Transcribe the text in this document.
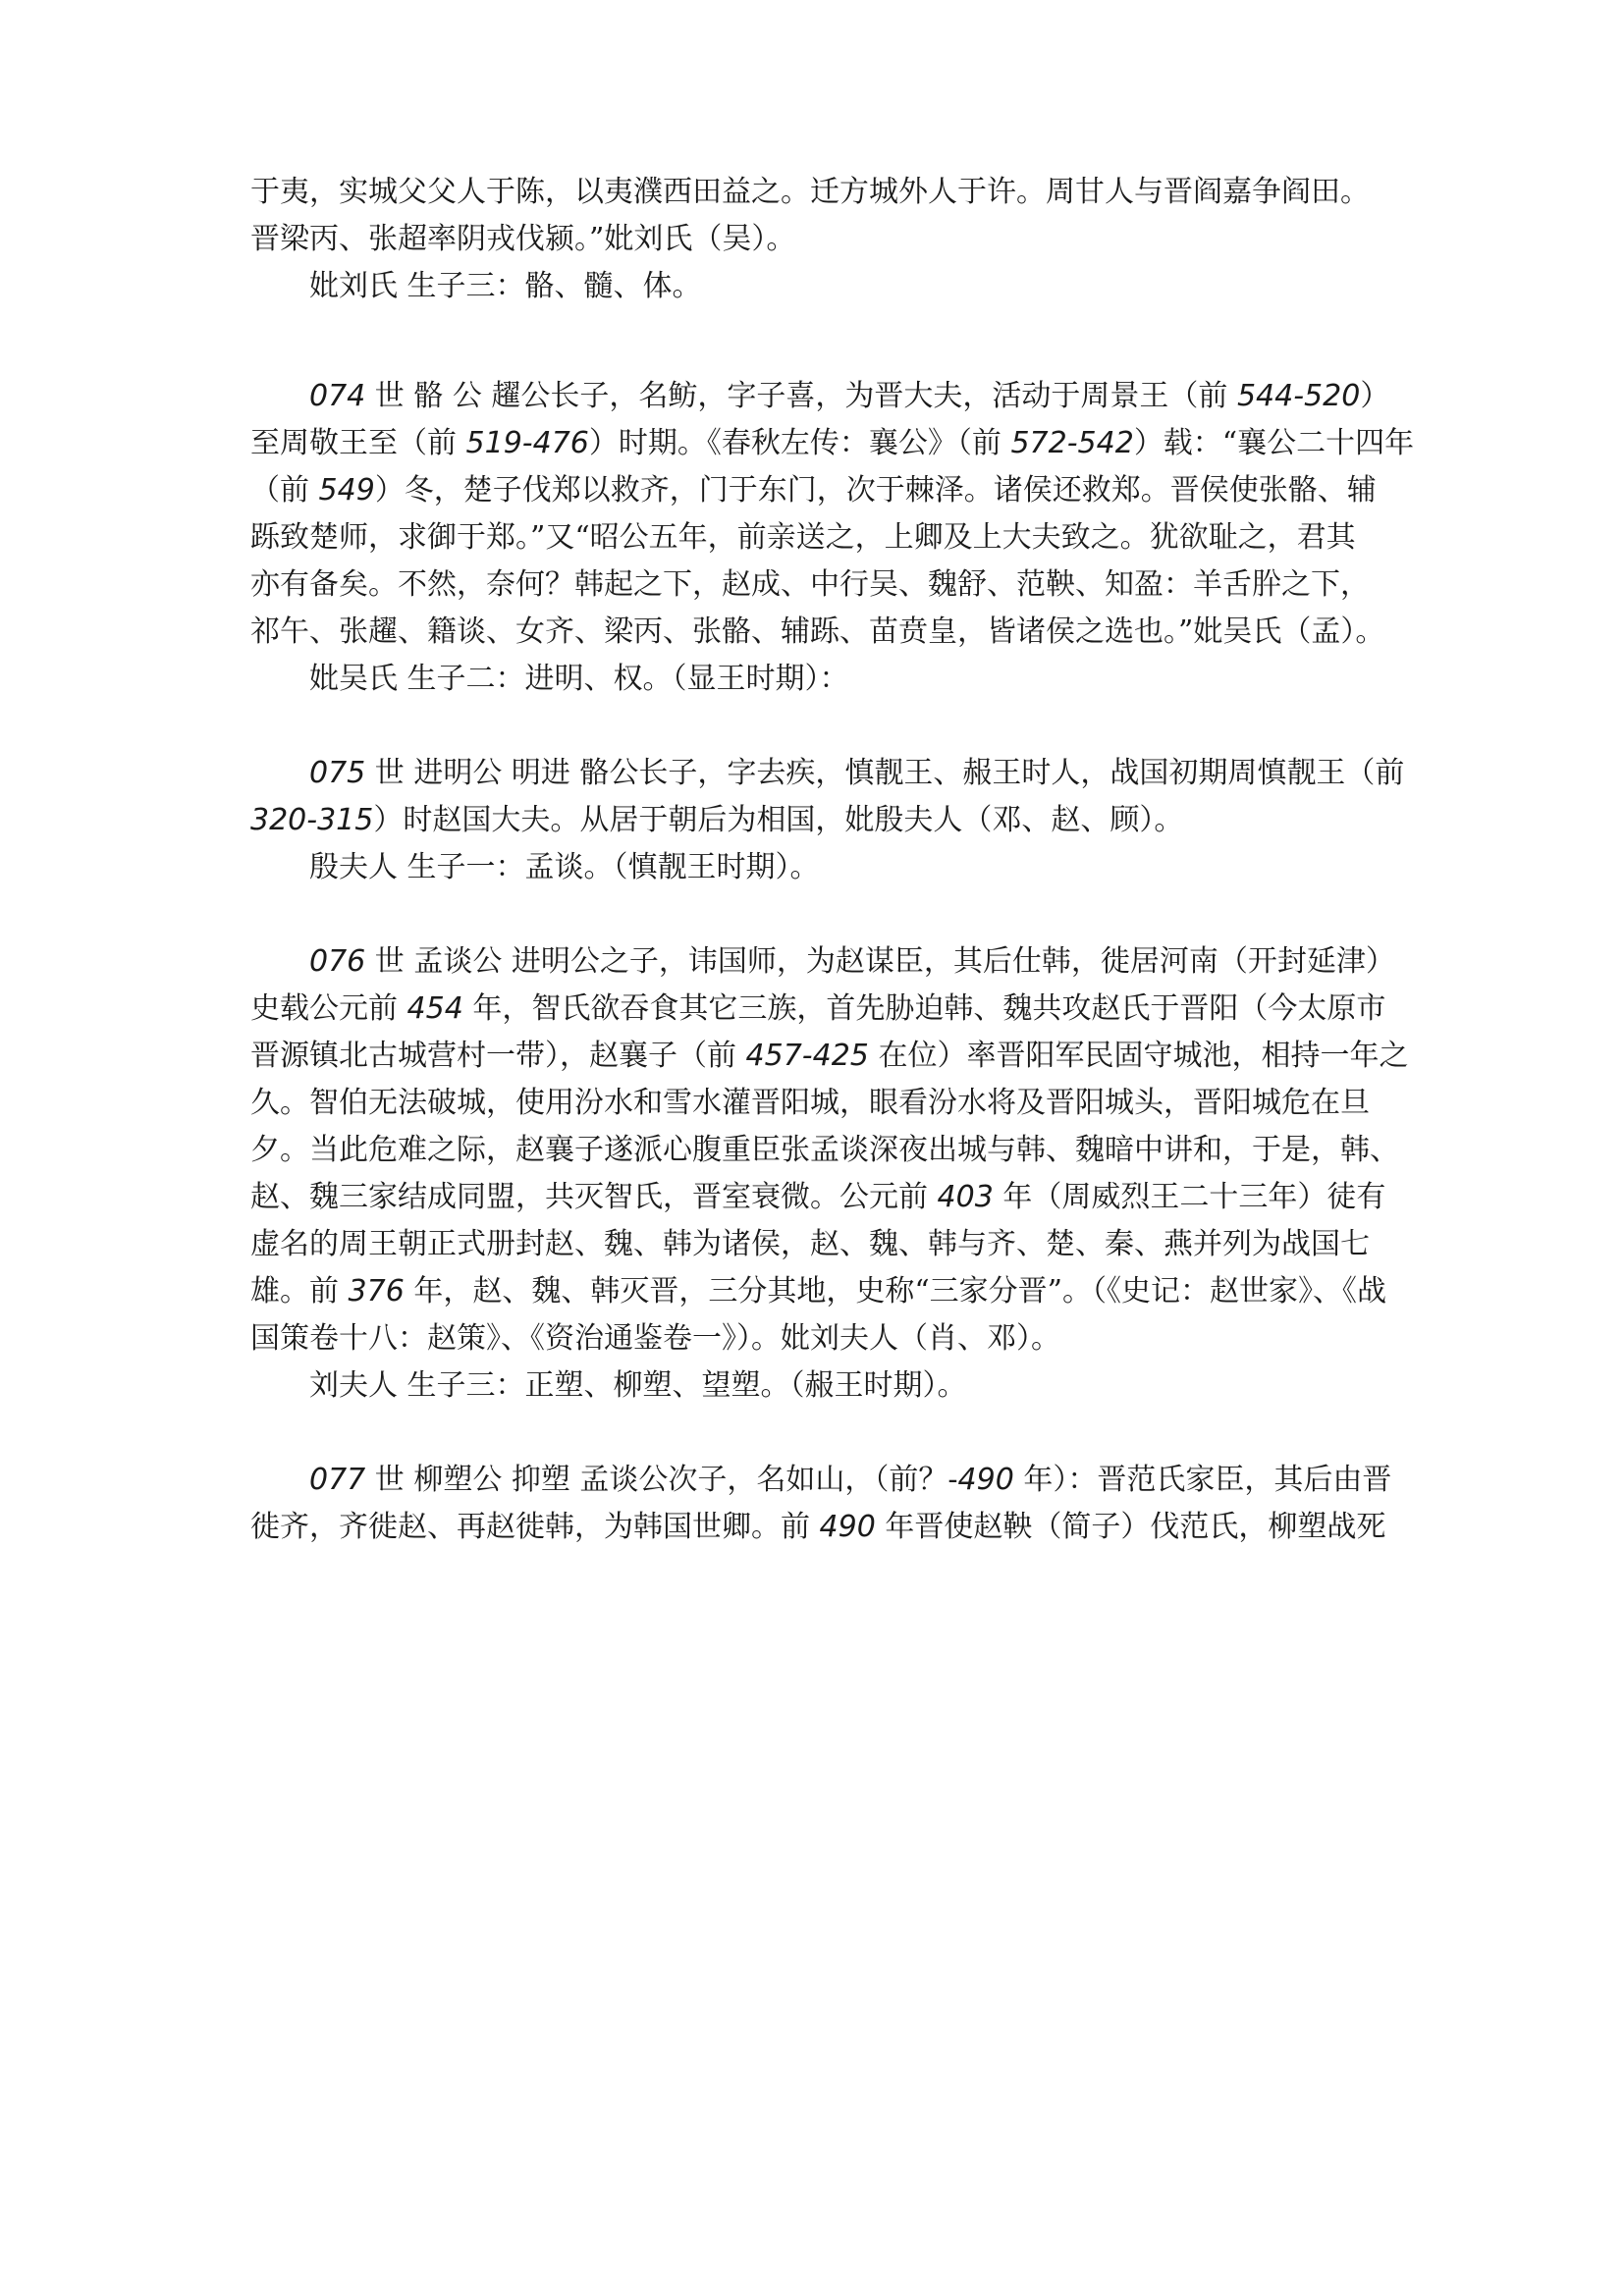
于夷，实城父父人于陈，以夷濮西田益之。迁方城外人于许。周甘人与晋阎嘉争阎田。
晋梁丙、张超率阴戎伐颍。”妣刘氏（吴）。
妣刘氏 生子三：骼、髓、体。
074 世 骼 公 趯公长子，名鲂，字子喜，为晋大夫，活动于周景王（前 544-520）
至周敬王至（前 519-476）时期。《春秋左传：襄公》（前 572-542）载：“襄公二十四年
（前 549）冬，楚子伐郑以救齐，门于东门，次于棘泽。诸侯还救郑。晋侯使张骼、辅
跞致楚师，求御于郑。”又“昭公五年，前亲送之，上卿及上大夫致之。犹欲耻之，君其
亦有备矣。不然，奈何？韩起之下，赵成、中行吴、魏舒、范鞅、知盈：羊舌肸之下，
祁午、张趯、籍谈、女齐、梁丙、张骼、辅跞、苗贲皇，皆诸侯之选也。”妣吴氏（孟）。
妣吴氏 生子二：进明、权。（显王时期）：
075 世 进明公 明进 骼公长子，字去疾，慎靓王、赧王时人，战国初期周慎靓王（前
320-315）时赵国大夫。从居于朝后为相国，妣殷夫人（邓、赵、顾）。
殷夫人 生子一：孟谈。（慎靓王时期）。
076 世 孟谈公 进明公之子，讳国师，为赵谋臣，其后仕韩，徙居河南（开封延津）
史载公元前 454 年，智氏欲吞食其它三族，首先胁迫韩、魏共攻赵氏于晋阳（今太原市
晋源镇北古城营村一带），赵襄子（前 457-425 在位）率晋阳军民固守城池，相持一年之
久。智伯无法破城，使用汾水和雪水灌晋阳城，眼看汾水将及晋阳城头，晋阳城危在旦
夕。当此危难之际，赵襄子遂派心腹重臣张孟谈深夜出城与韩、魏暗中讲和，于是，韩、
赵、魏三家结成同盟，共灭智氏，晋室衰微。公元前 403 年（周威烈王二十三年）徒有
虚名的周王朝正式册封赵、魏、韩为诸侯，赵、魏、韩与齐、楚、秦、燕并列为战国七
雄。前 376 年，赵、魏、韩灭晋，三分其地，史称“三家分晋”。（《史记：赵世家》、《战
国策卷十八：赵策》、《资治通鉴卷一》）。妣刘夫人（肖、邓）。
刘夫人 生子三：正塑、柳塑、望塑。（赧王时期）。
077 世 柳塑公 抑塑 孟谈公次子，名如山，（前？-490 年）：晋范氏家臣，其后由晋
徙齐，齐徙赵、再赵徙韩，为韩国世卿。前 490 年晋使赵鞅（简子）伐范氏，柳塑战死
